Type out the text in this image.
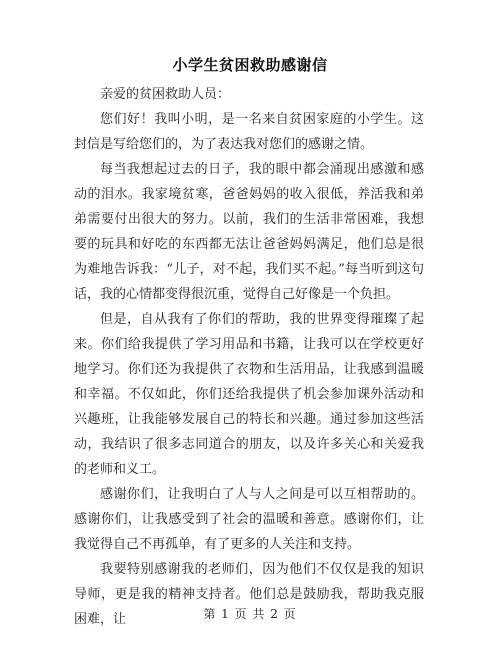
小学生贫困救助感谢信

亲爱的贫困救助人员：

您们好！我叫小明，是一名来自贫困家庭的小学生。这封信是写给您们的，为了表达我对您们的感谢之情。

每当我想起过去的日子，我的眼中都会涌现出感激和感动的泪水。我家境贫寒，爸爸妈妈的收入很低，养活我和弟弟需要付出很大的努力。以前，我们的生活非常困难，我想要的玩具和好吃的东西都无法让爸爸妈妈满足，他们总是很为难地告诉我：“儿子，对不起，我们买不起。”每当听到这句话，我的心情都变得很沉重，觉得自己好像是一个负担。

但是，自从我有了你们的帮助，我的世界变得璀璨了起来。你们给我提供了学习用品和书籍，让我可以在学校更好地学习。你们还为我提供了衣物和生活用品，让我感到温暖和幸福。不仅如此，你们还给我提供了机会参加课外活动和兴趣班，让我能够发展自己的特长和兴趣。通过参加这些活动，我结识了很多志同道合的朋友，以及许多关心和关爱我的老师和义工。

感谢你们，让我明白了人与人之间是可以互相帮助的。感谢你们，让我感受到了社会的温暖和善意。感谢你们，让我觉得自己不再孤单，有了更多的人关注和支持。

我要特别感谢我的老师们，因为他们不仅仅是我的知识导师，更是我的精神支持者。他们总是鼓励我，帮助我克服困难，让	第 1 页 共 2 页
